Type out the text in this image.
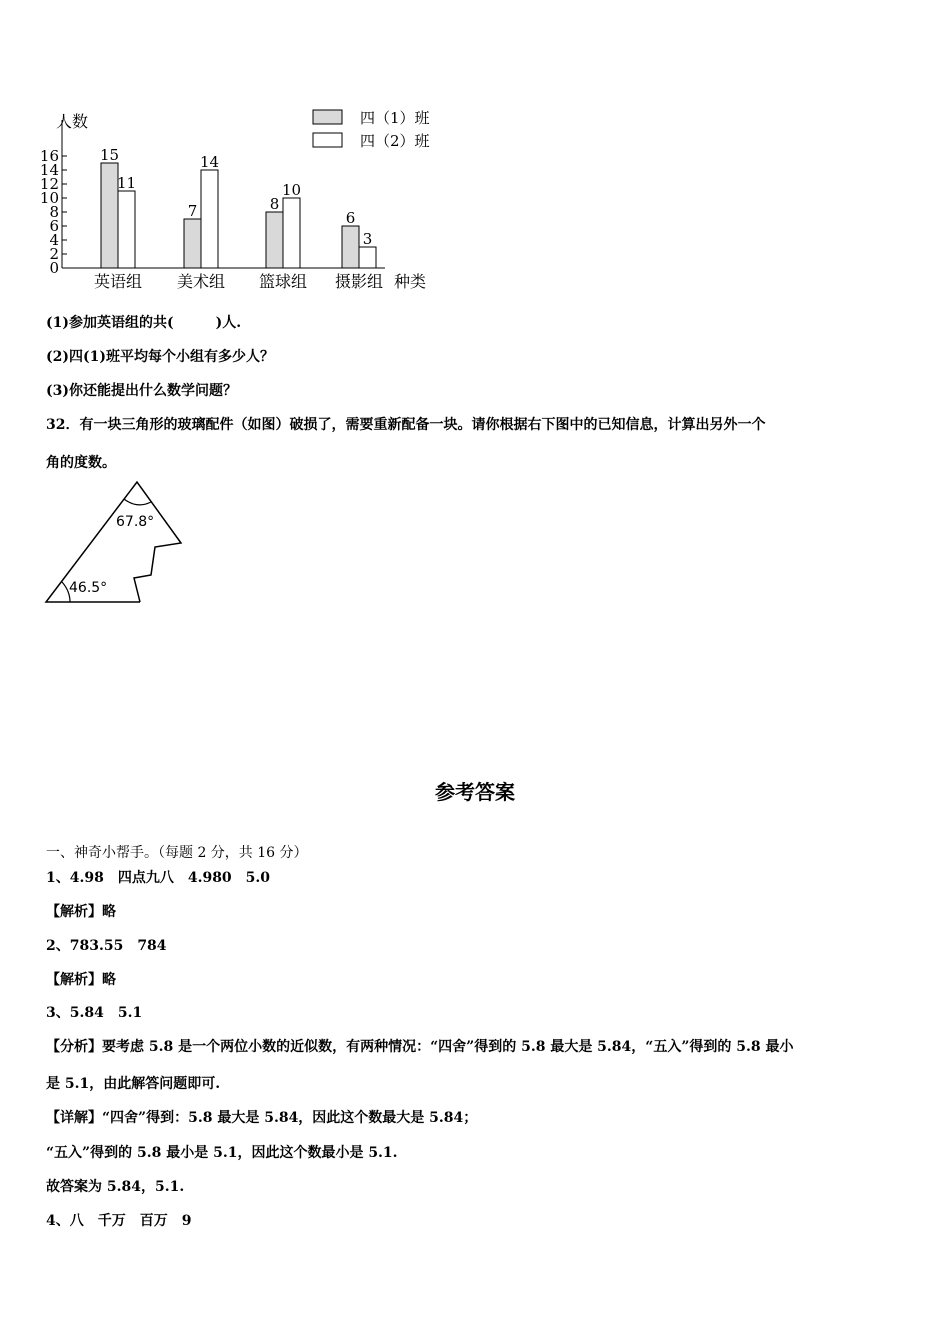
人数
种类
0
2
4
6
8
10
12
14
16	15
11
7
14
8
10
6
3
英语组 美术组 篮球组 摄影组
四（1）班
四（2）班
(1)参加英语组的共(　　　)人.
(2)四(1)班平均每个小组有多少人？
(3)你还能提出什么数学问题？
32．有一块三角形的玻璃配件（如图）破损了，需要重新配备一块。请你根据右下图中的已知信息，计算出另外一个
角的度数。
67.8°
46.5°
参考答案
一、神奇小帮手。（每题 2 分，共 16 分）
1、4.98　四点九八　4.980　5.0
【解析】略
2、783.55　784
【解析】略
3、5.84　5.1
【分析】要考虑 5.8 是一个两位小数的近似数，有两种情况：“四舍”得到的 5.8 最大是 5.84，“五入”得到的 5.8 最小
是 5.1，由此解答问题即可.
【详解】“四舍”得到：5.8 最大是 5.84，因此这个数最大是 5.84；
“五入”得到的 5.8 最小是 5.1，因此这个数最小是 5.1.
故答案为 5.84，5.1.
4、八　千万　百万　9
